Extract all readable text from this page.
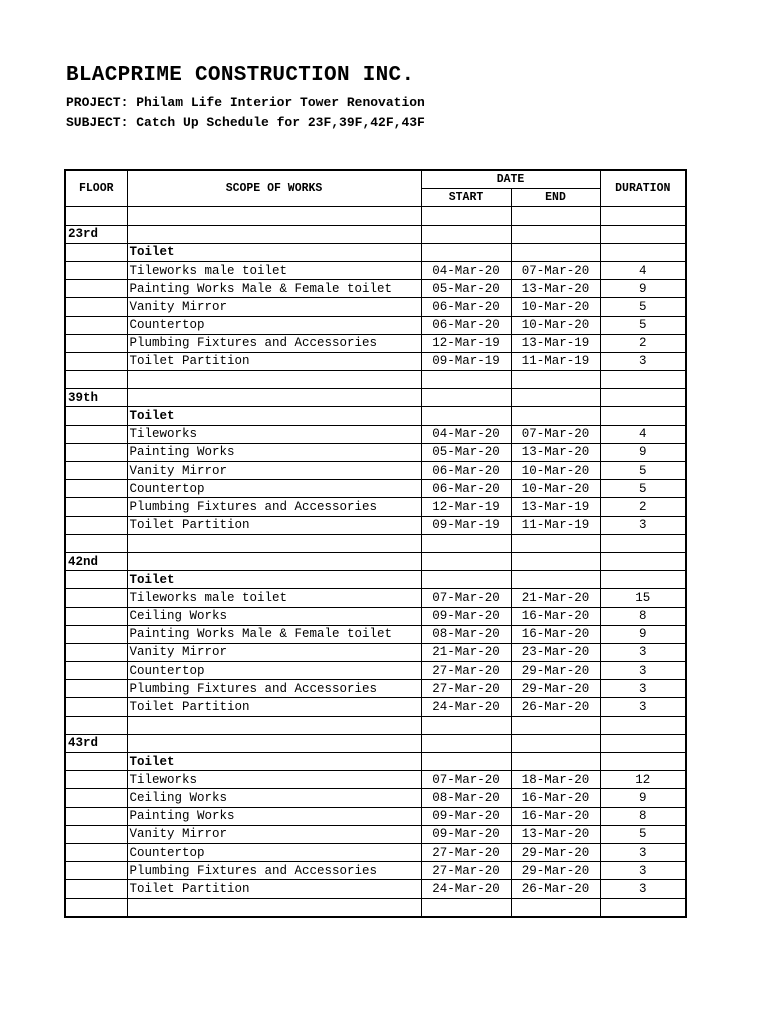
BLACPRIME CONSTRUCTION INC.
PROJECT: Philam Life Interior Tower Renovation
SUBJECT: Catch Up Schedule for 23F,39F,42F,43F
FLOOR	SCOPE OF WORKS	DATE		DURATION
		START	END	

23rd				
	Toilet			
	Tileworks male toilet	04-Mar-20	07-Mar-20	4
	Painting Works Male & Female toilet	05-Mar-20	13-Mar-20	9
	Vanity Mirror	06-Mar-20	10-Mar-20	5
	Countertop	06-Mar-20	10-Mar-20	5
	Plumbing Fixtures and Accessories	12-Mar-19	13-Mar-19	2
	Toilet Partition	09-Mar-19	11-Mar-19	3

39th				
	Toilet			
	Tileworks	04-Mar-20	07-Mar-20	4
	Painting Works	05-Mar-20	13-Mar-20	9
	Vanity Mirror	06-Mar-20	10-Mar-20	5
	Countertop	06-Mar-20	10-Mar-20	5
	Plumbing Fixtures and Accessories	12-Mar-19	13-Mar-19	2
	Toilet Partition	09-Mar-19	11-Mar-19	3

42nd				
	Toilet			
	Tileworks male toilet	07-Mar-20	21-Mar-20	15
	Ceiling Works	09-Mar-20	16-Mar-20	8
	Painting Works Male & Female toilet	08-Mar-20	16-Mar-20	9
	Vanity Mirror	21-Mar-20	23-Mar-20	3
	Countertop	27-Mar-20	29-Mar-20	3
	Plumbing Fixtures and Accessories	27-Mar-20	29-Mar-20	3
	Toilet Partition	24-Mar-20	26-Mar-20	3

43rd				
	Toilet			
	Tileworks	07-Mar-20	18-Mar-20	12
	Ceiling Works	08-Mar-20	16-Mar-20	9
	Painting Works	09-Mar-20	16-Mar-20	8
	Vanity Mirror	09-Mar-20	13-Mar-20	5
	Countertop	27-Mar-20	29-Mar-20	3
	Plumbing Fixtures and Accessories	27-Mar-20	29-Mar-20	3
	Toilet Partition	24-Mar-20	26-Mar-20	3
